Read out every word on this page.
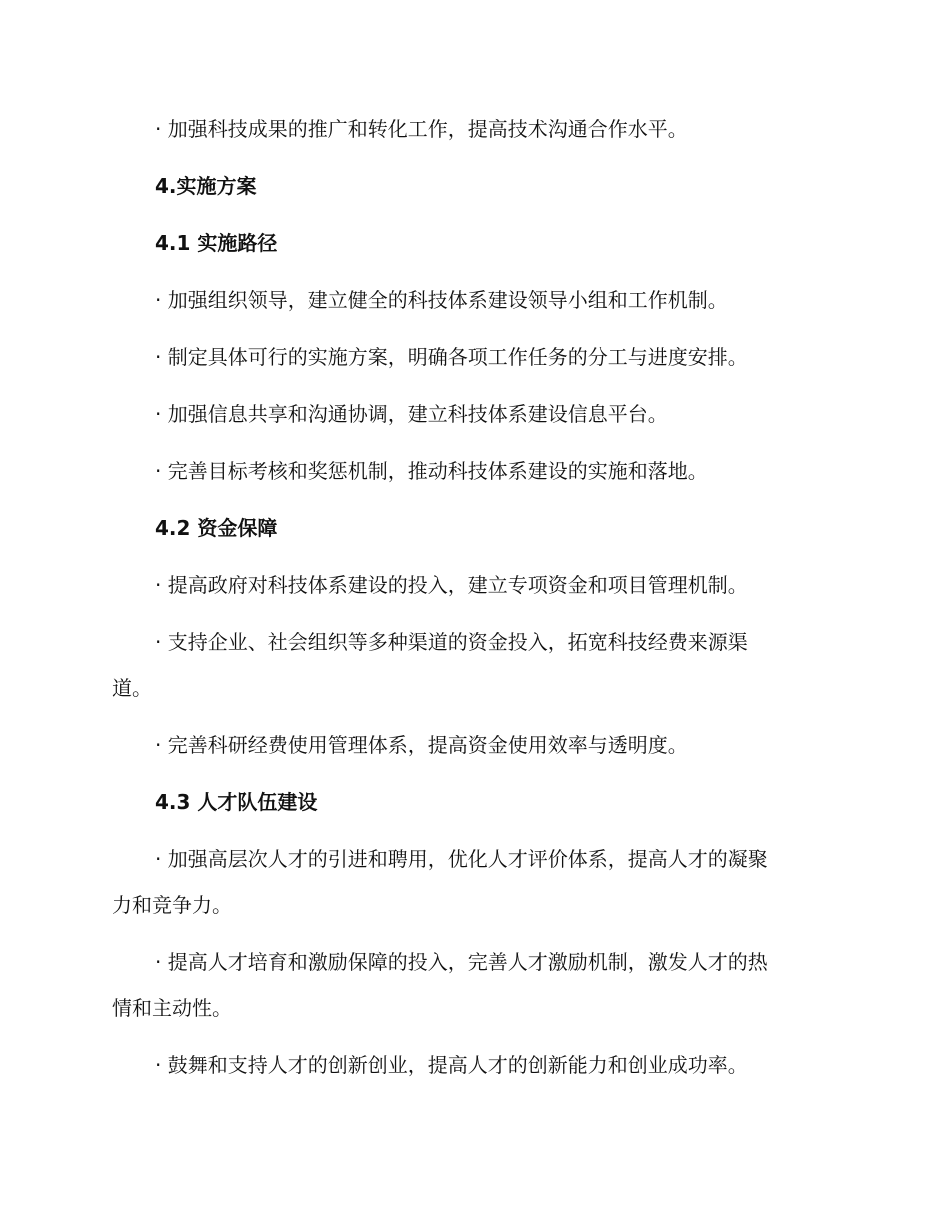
· 加强科技成果的推广和转化工作，提高技术沟通合作水平。
4.实施方案
4.1 实施路径
· 加强组织领导，建立健全的科技体系建设领导小组和工作机制。
· 制定具体可行的实施方案，明确各项工作任务的分工与进度安排。
· 加强信息共享和沟通协调，建立科技体系建设信息平台。
· 完善目标考核和奖惩机制，推动科技体系建设的实施和落地。
4.2 资金保障
· 提高政府对科技体系建设的投入，建立专项资金和项目管理机制。
· 支持企业、社会组织等多种渠道的资金投入，拓宽科技经费来源渠
道。
· 完善科研经费使用管理体系，提高资金使用效率与透明度。
4.3 人才队伍建设
· 加强高层次人才的引进和聘用，优化人才评价体系，提高人才的凝聚
力和竞争力。
· 提高人才培育和激励保障的投入，完善人才激励机制，激发人才的热
情和主动性。
· 鼓舞和支持人才的创新创业，提高人才的创新能力和创业成功率。
